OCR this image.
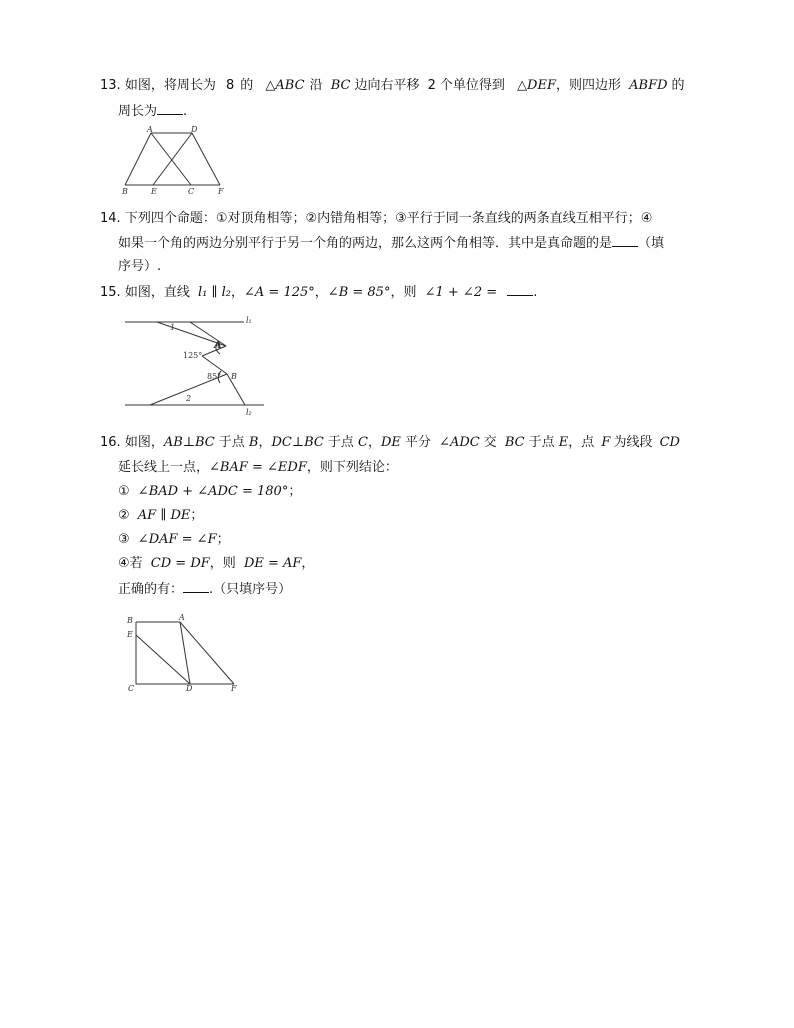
13. 如图，将周长为 8 的 △ABC 沿 BC 边向右平移 2 个单位得到 △DEF，则四边形 ABFD 的
周长为 .
A	D
B	E	C	F
14. 下列四个命题：①对顶角相等；②内错角相等；③平行于同一条直线的两条直线互相平行；④
如果一个角的两边分别平行于另一个角的两边，那么这两个角相等．其中是真命题的是 （填
序号）.
15. 如图，直线 l₁ ∥ l₂，∠A = 125°，∠B = 85°，则 ∠1 + ∠2 =	.
1
2
l₁
l₂
A
125°
B
85°
16. 如图，AB⊥BC 于点 B，DC⊥BC 于点 C，DE 平分 ∠ADC 交 BC 于点 E，点 F 为线段 CD
延长线上一点，∠BAF = ∠EDF，则下列结论：
① ∠BAD + ∠ADC = 180°；
② AF ∥ DE；
③ ∠DAF = ∠F；
④若 CD = DF，则 DE = AF，
正确的有： .（只填序号）
B	A
E
C	D	F
